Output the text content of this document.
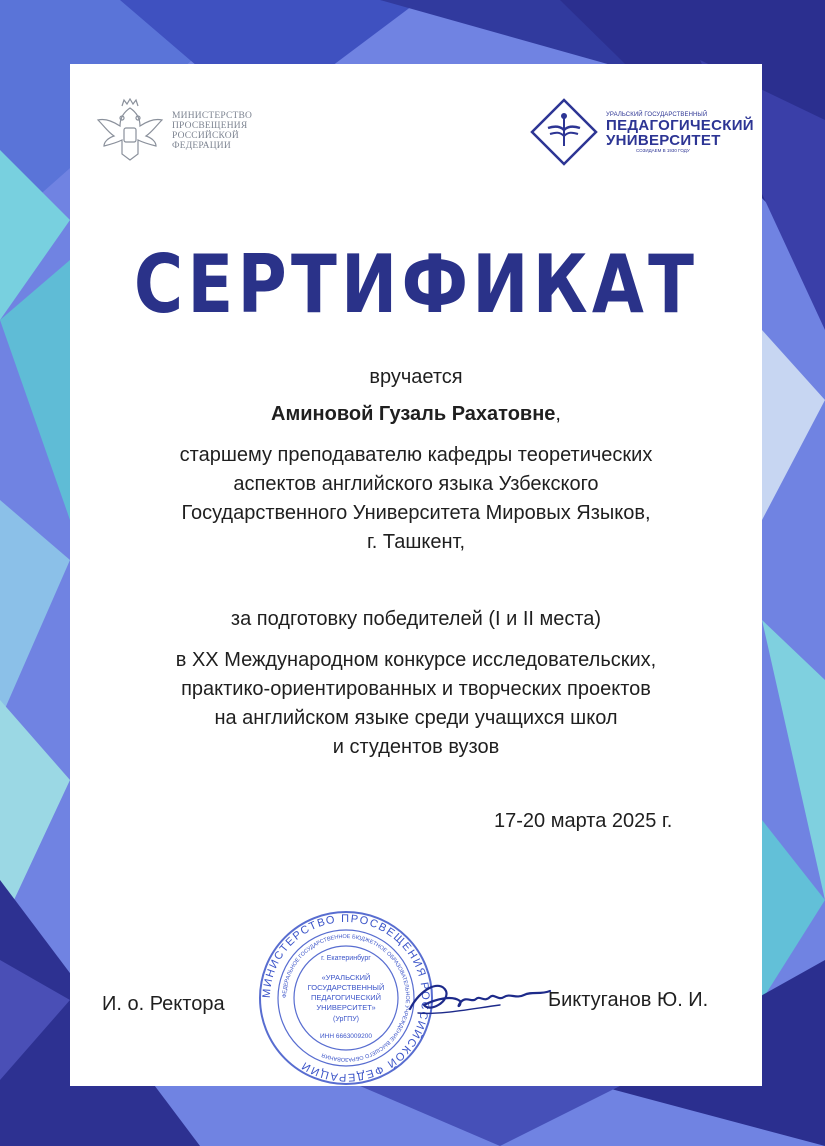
МИНИСТЕРСТВО
ПРОСВЕЩЕНИЯ
РОССИЙСКОЙ
ФЕДЕРАЦИИ
УРАЛЬСКИЙ ГОСУДАРСТВЕННЫЙ
ПЕДАГОГИЧЕСКИЙ
УНИВЕРСИТЕТ
СОЗИДАЕМ В 1930 ГОДУ
СЕРТИФИКАТ
вручается
Аминовой Гузаль Рахатовне,
старшему преподавателю кафедры теоретических
аспектов английского языка Узбекского
Государственного Университета Мировых Языков,
г. Ташкент,
за подготовку победителей (I и II места)
в XX Международном конкурсе исследовательских,
практико-ориентированных и творческих проектов
на английском языке среди учащихся школ
и студентов вузов
17-20 марта 2025 г.
И. о. Ректора
МИНИСТЕРСТВО ПРОСВЕЩЕНИЯ РОССИЙСКОЙ ФЕДЕРАЦИИ
ФЕДЕРАЛЬНОЕ ГОСУДАРСТВЕННОЕ БЮДЖЕТНОЕ ОБРАЗОВАТЕЛЬНОЕ УЧРЕЖДЕНИЕ ВЫСШЕГО ОБРАЗОВАНИЯ
г. Екатеринбург
«УРАЛЬСКИЙ
ГОСУДАРСТВЕННЫЙ
ПЕДАГОГИЧЕСКИЙ
УНИВЕРСИТЕТ»
(УрГПУ)
ИНН 6663009200
Биктуганов Ю. И.
